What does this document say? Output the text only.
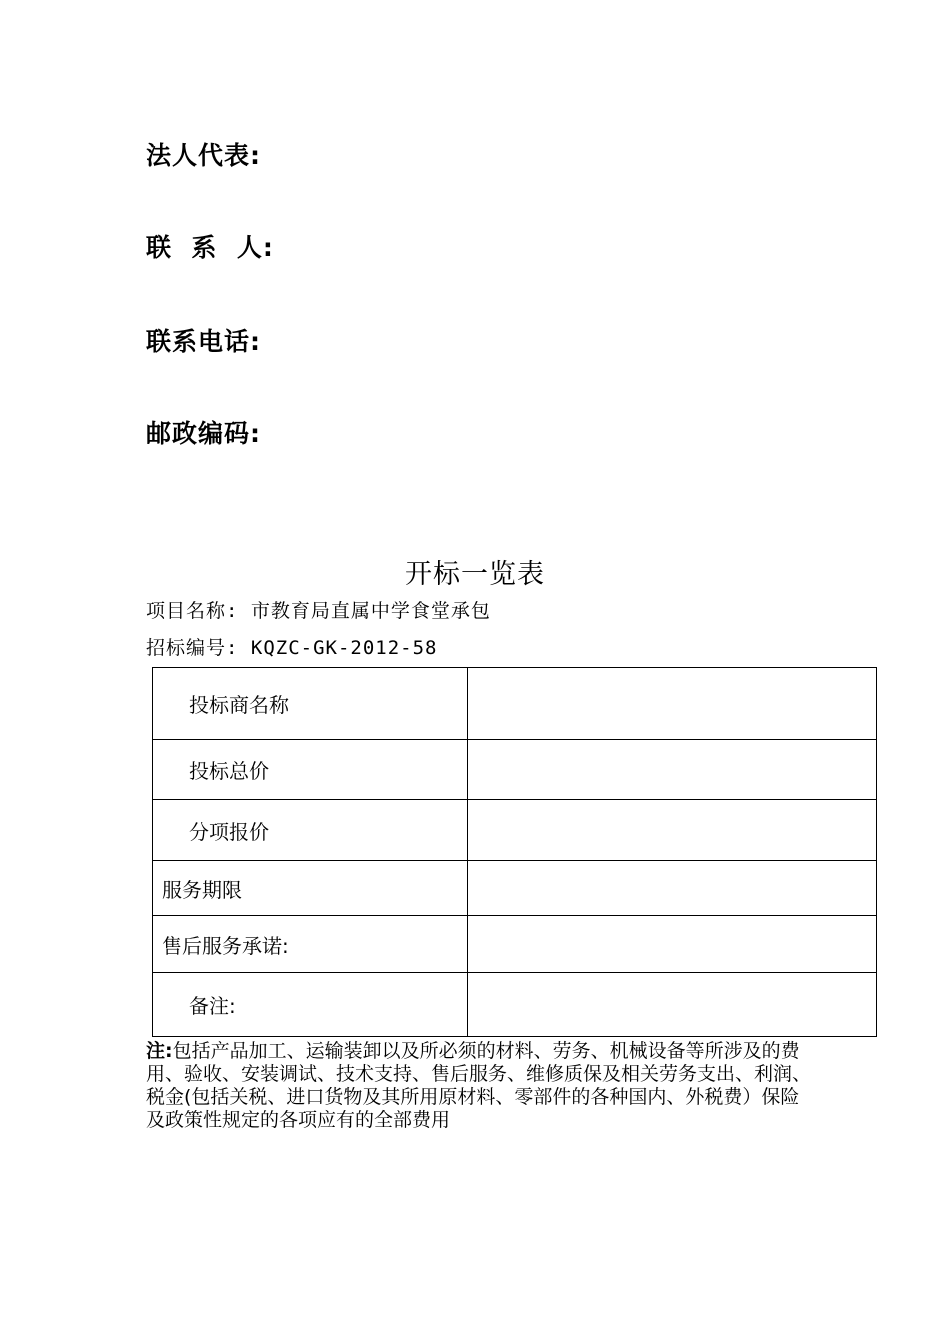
法人代表:
联  系  人:
联系电话:
邮政编码:
开标一览表
项目名称: 市教育局直属中学食堂承包
招标编号: KQZC-GK-2012-58
投标商名称	
投标总价	
分项报价	
服务期限	
售后服务承诺:	
备注:	
注:包括产品加工、运输装卸以及所必须的材料、劳务、机械设备等所涉及的费用、验收、安装调试、技术支持、售后服务、维修质保及相关劳务支出、利润、税金(包括关税、进口货物及其所用原材料、零部件的各种国内、外税费）保险及政策性规定的各项应有的全部费用
